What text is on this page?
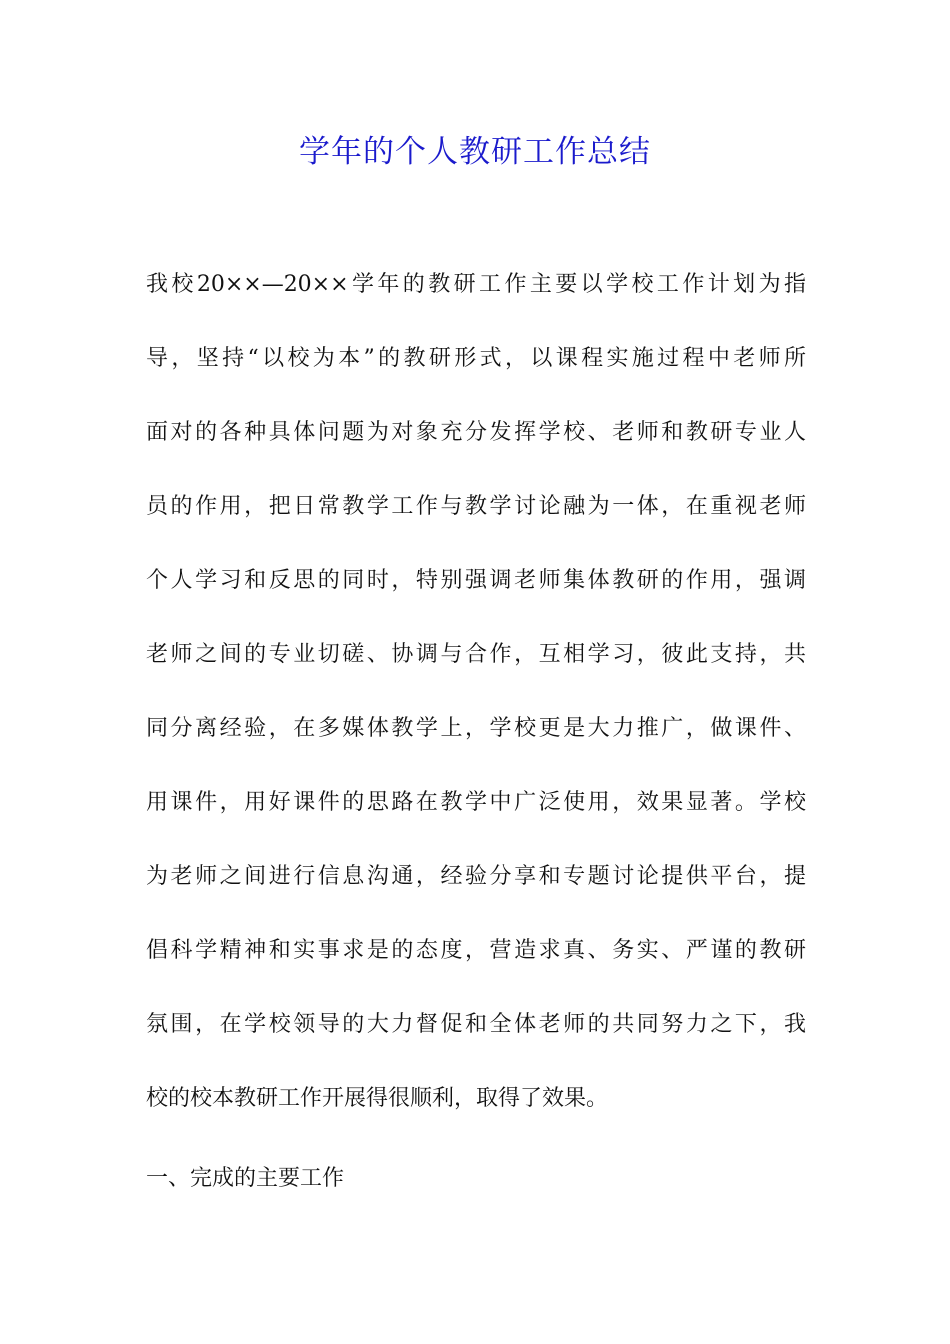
学年的个人教研工作总结
我校20××—20××学年的教研工作主要以学校工作计划为指
导，坚持“以校为本”的教研形式，以课程实施过程中老师所
面对的各种具体问题为对象充分发挥学校、老师和教研专业人
员的作用，把日常教学工作与教学讨论融为一体，在重视老师
个人学习和反思的同时，特别强调老师集体教研的作用，强调
老师之间的专业切磋、协调与合作，互相学习，彼此支持，共
同分离经验，在多媒体教学上，学校更是大力推广，做课件、
用课件，用好课件的思路在教学中广泛使用，效果显著。学校
为老师之间进行信息沟通，经验分享和专题讨论提供平台，提
倡科学精神和实事求是的态度，营造求真、务实、严谨的教研
氛围，在学校领导的大力督促和全体老师的共同努力之下，我
校的校本教研工作开展得很顺利，取得了效果。
一、完成的主要工作
